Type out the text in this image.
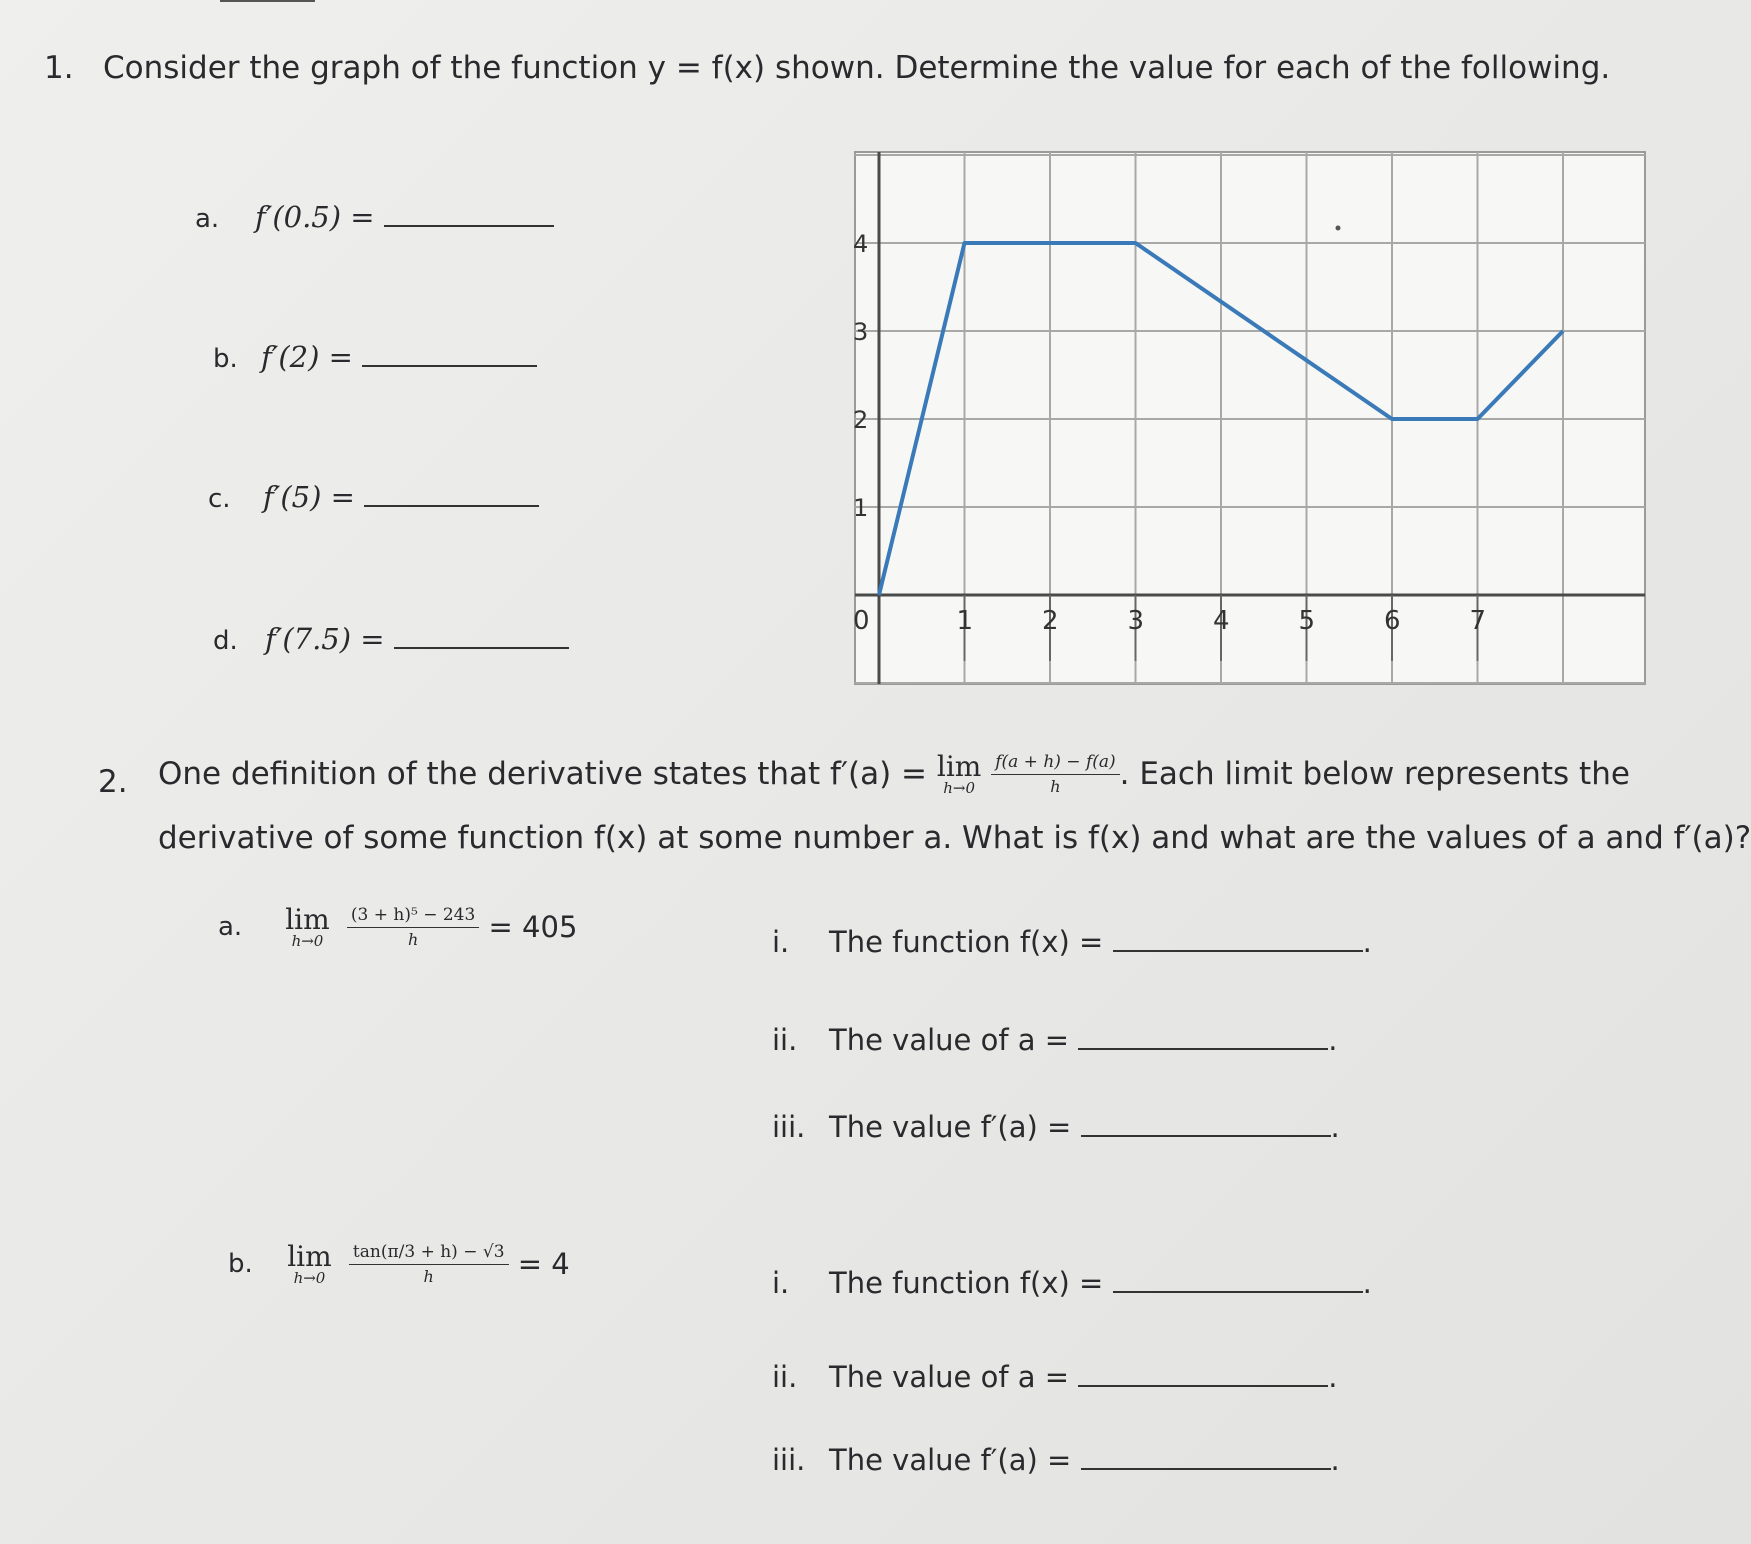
1. Consider the graph of the function y = f(x) shown. Determine the value for each of the following.
a. f′(0.5) =
b. f′(2) =
c. f′(5) =
d. f′(7.5) =
0	1	2	3	4	5	6	7
1
2
3
4
2. One definition of the derivative states that f′(a) = lim
h→0
$\frac{f(a + h) - f(a)}{h}$ . Each limit below represents the
derivative of some function f(x) at some number a. What is f(x) and what are the values of a and f′(a)?
a. lim
h→0
	$\frac{\text{(3 + h)⁵ − 243}}{h} = 405$	i. The function f(x) =	.
ii. The value of a =	.
iii. The value f′(a) =	.
b. lim
h→0
	$\frac{\tan(\pi/3 + h) - √3}{h} = 4$
i. The function f(x) =	.
ii. The value of a =	.
iii. The value f′(a) =	.
